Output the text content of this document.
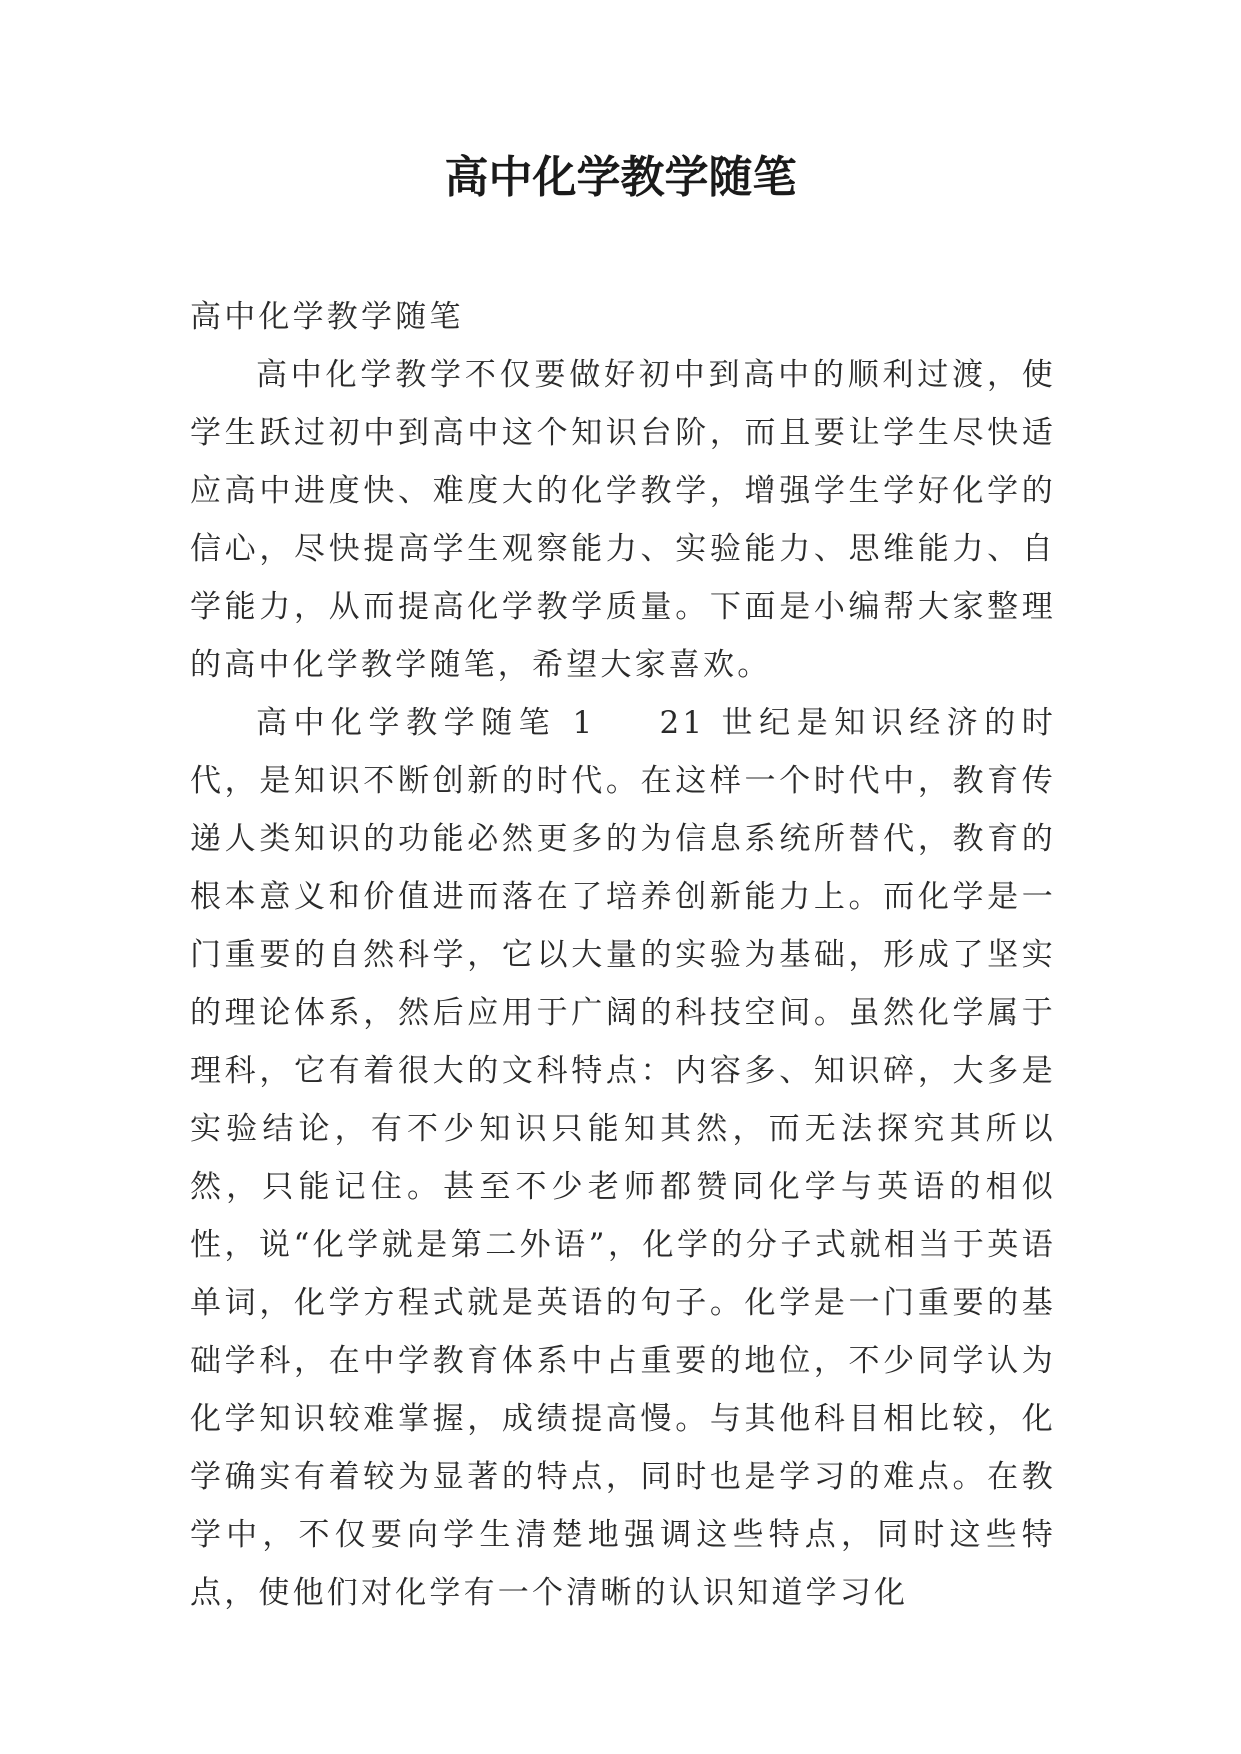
高中化学教学随笔

高中化学教学随笔

高中化学教学不仅要做好初中到高中的顺利过渡，使学生跃过初中到高中这个知识台阶，而且要让学生尽快适应高中进度快、难度大的化学教学，增强学生学好化学的信心，尽快提高学生观察能力、实验能力、思维能力、自学能力，从而提高化学教学质量。下面是小编帮大家整理的高中化学教学随笔，希望大家喜欢。

高中化学教学随笔 1 21 世纪是知识经济的时代，是知识不断创新的时代。在这样一个时代中，教育传递人类知识的功能必然更多的为信息系统所替代，教育的根本意义和价值进而落在了培养创新能力上。而化学是一门重要的自然科学，它以大量的实验为基础，形成了坚实的理论体系，然后应用于广阔的科技空间。虽然化学属于理科，它有着很大的文科特点：内容多、知识碎，大多是实验结论，有不少知识只能知其然，而无法探究其所以然，只能记住。甚至不少老师都赞同化学与英语的相似性，说“化学就是第二外语”，化学的分子式就相当于英语单词，化学方程式就是英语的句子。化学是一门重要的基础学科，在中学教育体系中占重要的地位，不少同学认为化学知识较难掌握，成绩提高慢。与其他科目相比较，化学确实有着较为显著的特点，同时也是学习的难点。在教学中，不仅要向学生清楚地强调这些特点，同时这些特点，使他们对化学有一个清晰的认识知道学习化
